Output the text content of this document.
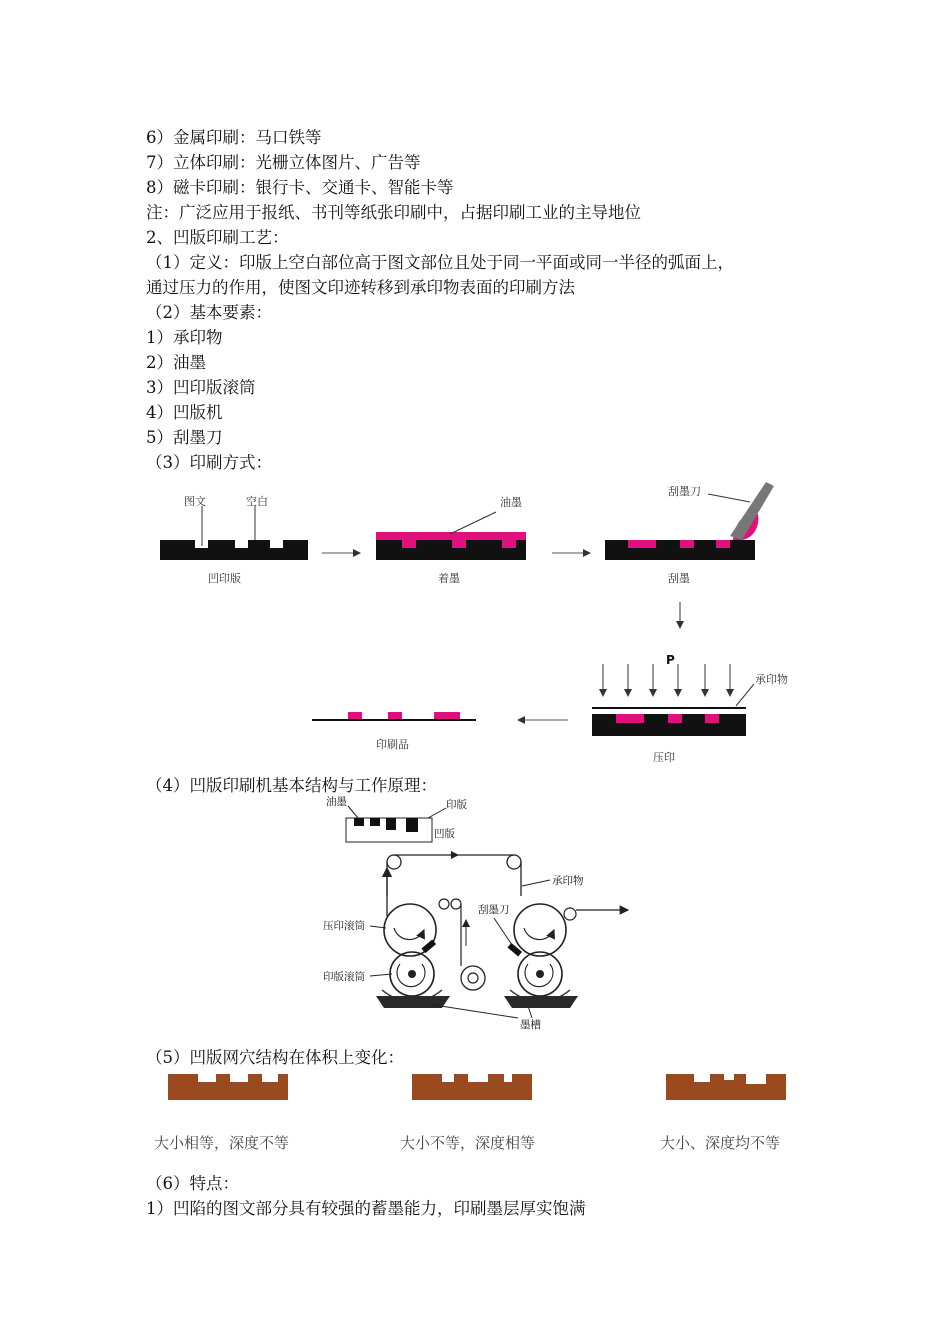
6）金属印刷：马口铁等
7）立体印刷：光栅立体图片、广告等
8）磁卡印刷：银行卡、交通卡、智能卡等
注：广泛应用于报纸、书刊等纸张印刷中，占据印刷工业的主导地位
2、凹版印刷工艺：
（1）定义：印版上空白部位高于图文部位且处于同一平面或同一半径的弧面上，
通过压力的作用，使图文印迹转移到承印物表面的印刷方法
（2）基本要素：
1）承印物
2）油墨
3）凹印版滚筒
4）凹版机
5）刮墨刀
（3）印刷方式：
图文	空白
凹印版
油墨
着墨
刮墨刀
刮墨
P
承印物
压印
印刷品
（4）凹版印刷机基本结构与工作原理：
油墨	印版
凹版
承印物
刮墨刀
压印滚筒
印版滚筒
墨槽
（5）凹版网穴结构在体积上变化：
大小相等，深度不等	大小不等，深度相等	大小、深度均不等
（6）特点：
1）凹陷的图文部分具有较强的蓄墨能力，印刷墨层厚实饱满
